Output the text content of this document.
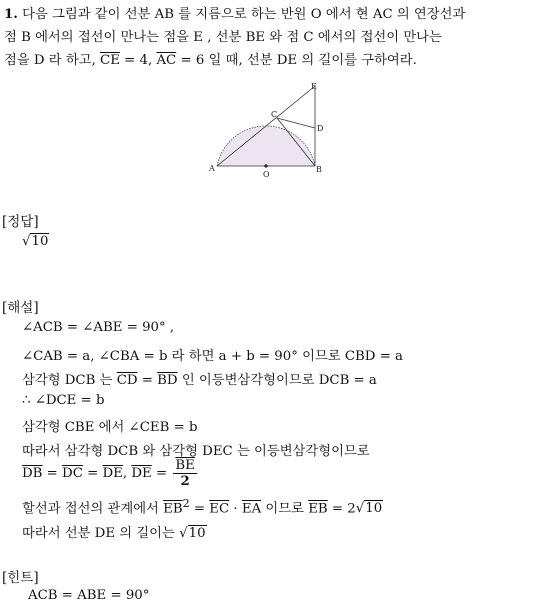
1. 다음 그림과 같이 선분 AB 를 지름으로 하는 반원 O 에서 현 AC 의 연장선과
점 B 에서의 접선이 만나는 점을 E , 선분 BE 와 점 C 에서의 접선이 만나는
점을 D 라 하고, $\overline{CE} = 4$, $\overline{AC} = 6$ 일 때, 선분 DE 의 길이를 구하여라.
A	B
C
D
E
O
[정답]
√10
[해설]
∠ACB = ∠ABE = 90° ,
∠CAB = a, ∠CBA = b 라 하면 a + b = 90° 이므로 CBD = a
삼각형 DCB 는 $\overline{CD} = \overline{BD}$ 인 이등변삼각형이므로 DCB = a
∴ ∠DCE = b
삼각형 CBE 에서 ∠CEB = b
따라서 삼각형 DCB 와 삼각형 DEC 는 이등변삼각형이므로
$\overline{DB} = \overline{DC} = \overline{DE}$, $\overline{DE} = \frac{\overline{BE}}{2}$
할선과 접선의 관계에서 $\overline{EB}^2 = \overline{EC} \cdot \overline{EA}$ 이므로 $\overline{EB} = 2√10$
따라서 선분 DE 의 길이는 √10
[힌트]
ACB = ABE = 90°
